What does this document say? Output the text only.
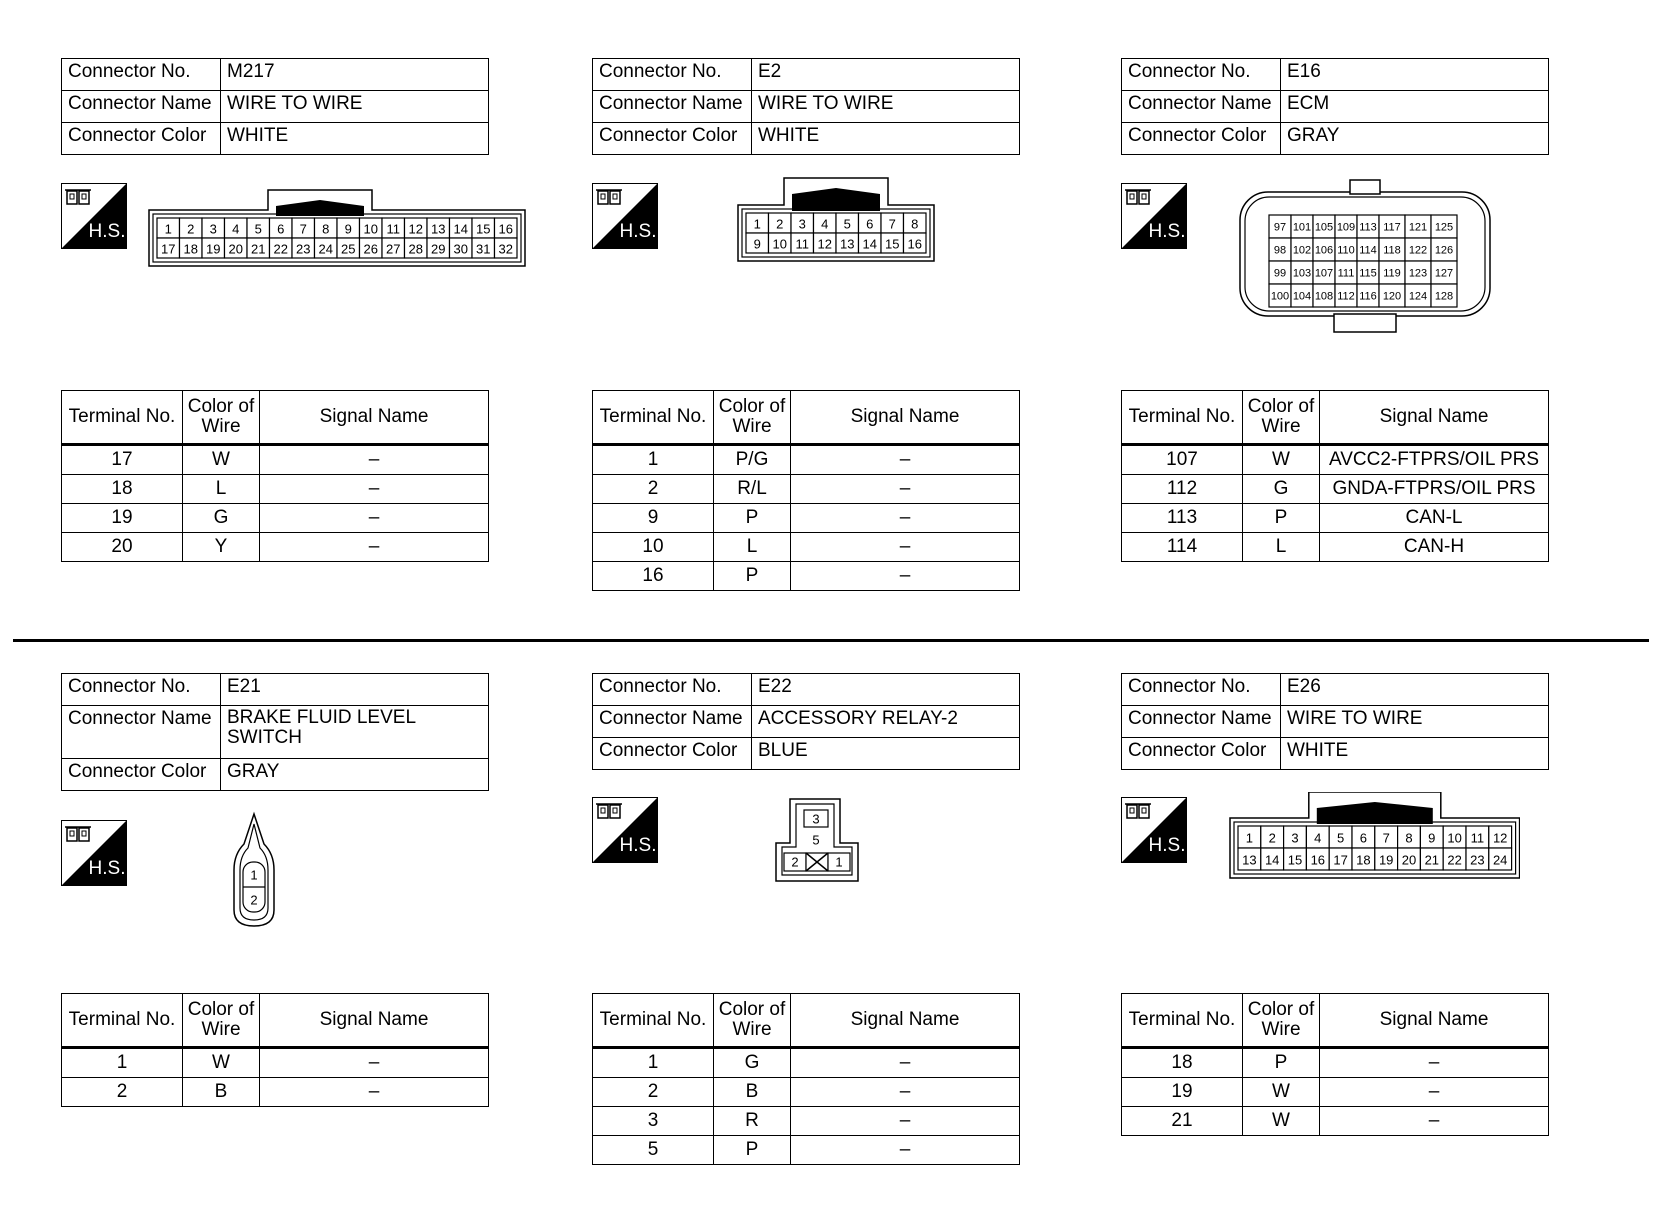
Connector No.	M217
Connector Name	WIRE TO WIRE
Connector Color	WHITE
H.S.	1 2 3 4 5 6 7 8 9 10 11 12 13 14 15 16
17 18 19 20 21 22 23 24 25 26 27 28 29 30 31 32
Terminal No.	Color of Wire	Signal Name
17	W	–
18	L	–
19	G	–
20	Y	–
Connector No.	E2
Connector Name	WIRE TO WIRE
Connector Color	WHITE
H.S.	1 2 3 4 5 6 7 8
9 10 11 12 13 14 15 16
Terminal No.	Color of Wire	Signal Name
1	P/G	–
2	R/L	–
9	P	–
10	L	–
16	P	–
Connector No.	E16
Connector Name	ECM
Connector Color	GRAY
H.S.	97 101 105 109 113 117 121 125
98 102 106 110 114 118 122 126
99 103 107 111 115 119 123 127
100 104 108 112 116 120 124 128
Terminal No.	Color of Wire	Signal Name
107	W	AVCC2-FTPRS/OIL PRS
112	G	GNDA-FTPRS/OIL PRS
113	P	CAN-L
114	L	CAN-H
Connector No.	E21
Connector Name	BRAKE FLUID LEVEL SWITCH
Connector Color	GRAY
H.S.	1
2
Terminal No.	Color of Wire	Signal Name
1	W	–
2	B	–
Connector No.	E22
Connector Name	ACCESSORY RELAY-2
Connector Color	BLUE
H.S.
3
5
2	1
Terminal No.	Color of Wire	Signal Name
1	G	–
2	B	–
3	R	–
5	P	–
Connector No.	E26
Connector Name	WIRE TO WIRE
Connector Color	WHITE
H.S.	1 2 3 4 5 6 7 8 9 10 11 12
13 14 15 16 17 18 19 20 21 22 23 24
Terminal No.	Color of Wire	Signal Name
18	P	–
19	W	–
21	W	–
